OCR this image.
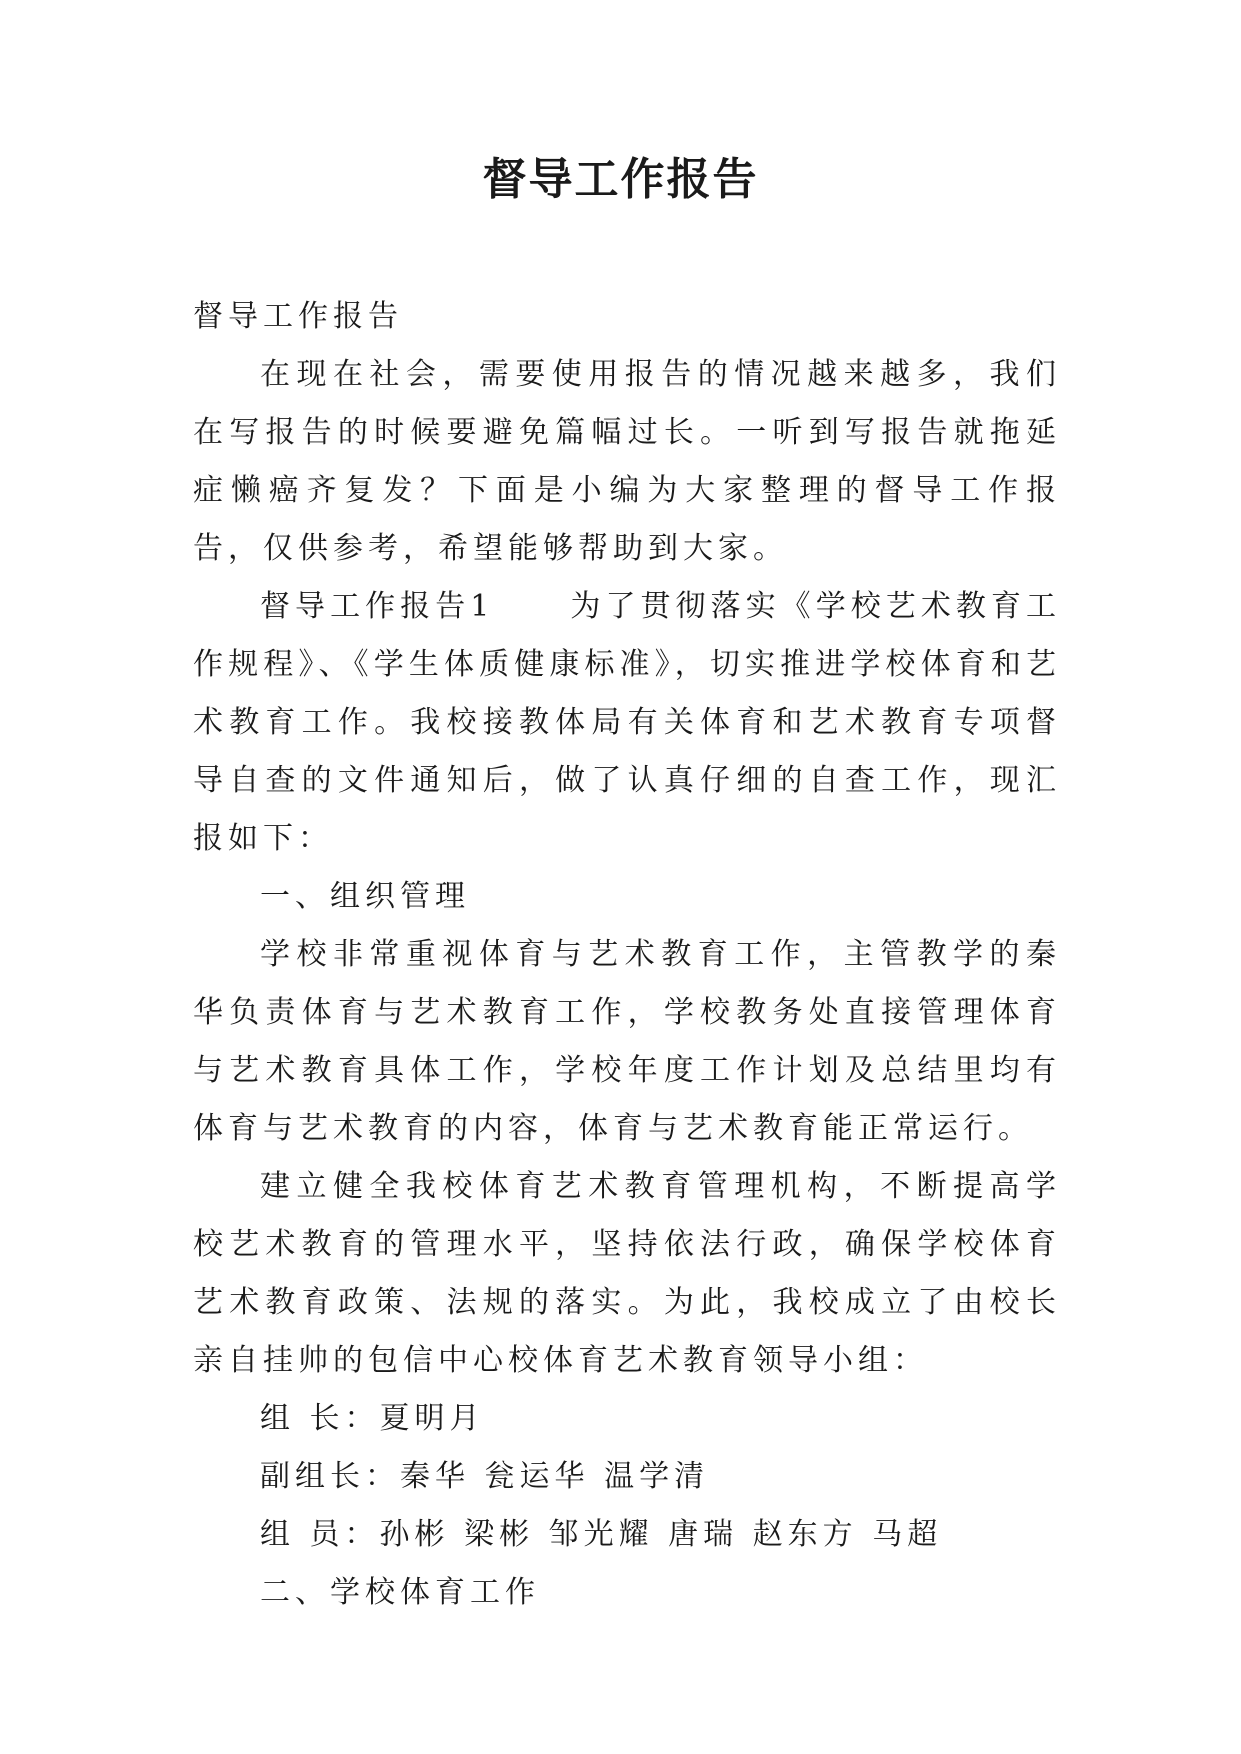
督导工作报告

督导工作报告

在现在社会，需要使用报告的情况越来越多，我们在写报告的时候要避免篇幅过长。一听到写报告就拖延症懒癌齐复发？下面是小编为大家整理的督导工作报告，仅供参考，希望能够帮助到大家。

督导工作报告1	为了贯彻落实《学校艺术教育工作规程》、《学生体质健康标准》，切实推进学校体育和艺术教育工作。我校接教体局有关体育和艺术教育专项督导自查的文件通知后，做了认真仔细的自查工作，现汇报如下：

一、组织管理

学校非常重视体育与艺术教育工作，主管教学的秦华负责体育与艺术教育工作，学校教务处直接管理体育与艺术教育具体工作，学校年度工作计划及总结里均有体育与艺术教育的内容，体育与艺术教育能正常运行。

建立健全我校体育艺术教育管理机构，不断提高学校艺术教育的管理水平，坚持依法行政，确保学校体育艺术教育政策、法规的落实。为此，我校成立了由校长亲自挂帅的包信中心校体育艺术教育领导小组：

组 长：夏明月

副组长：秦华 瓮运华 温学清

组 员：孙彬 梁彬 邹光耀 唐瑞 赵东方 马超

二、学校体育工作
